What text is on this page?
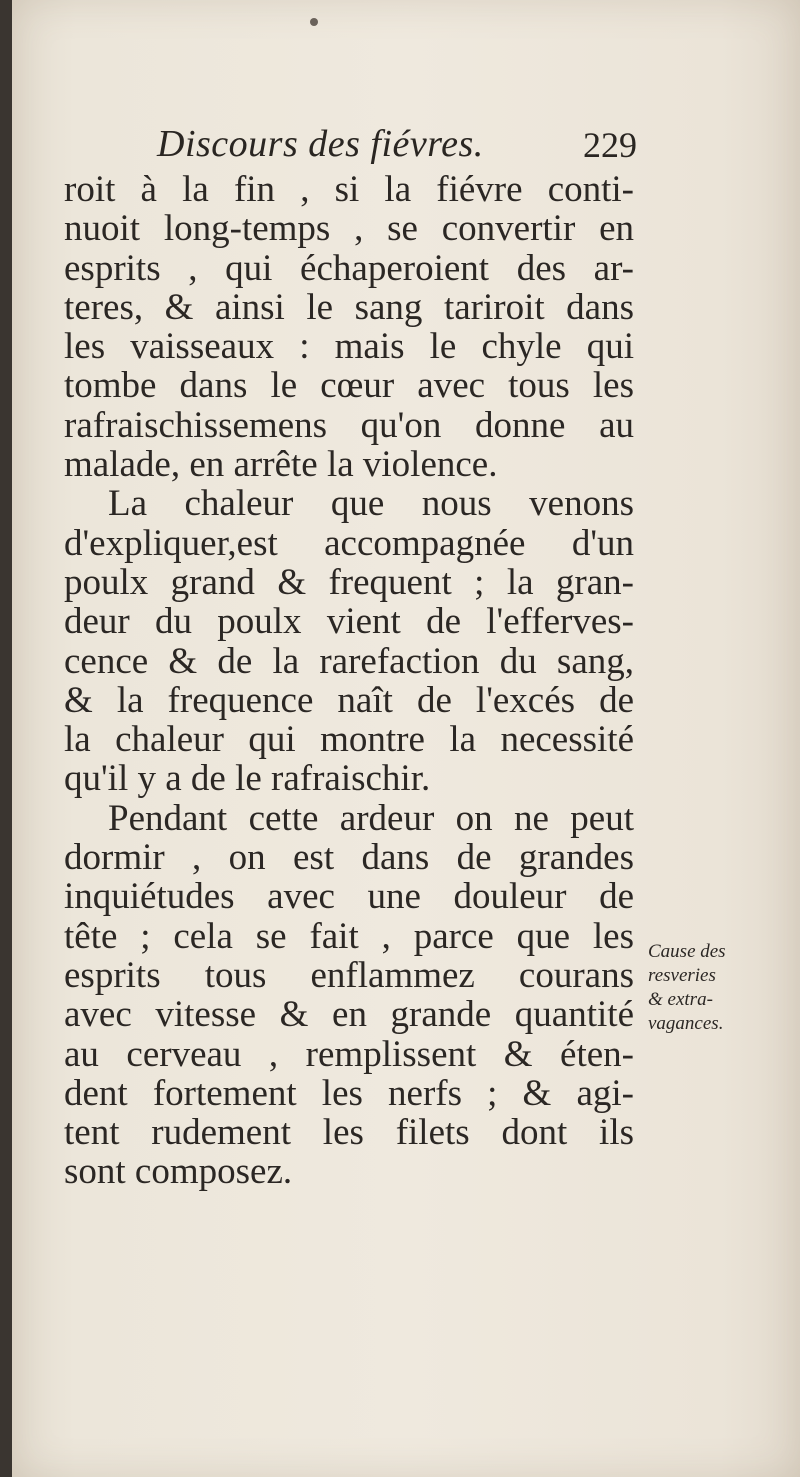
Discours des fiévres.	229
roit à la fin , si la fiévre conti-
nuoit long-temps , se convertir en
esprits , qui échaperoient des ar-
teres, & ainsi le sang tariroit dans
les vaisseaux : mais le chyle qui
tombe dans le cœur avec tous les
rafraischissemens qu'on donne au
malade, en arrête la violence.
La chaleur que nous venons
d'expliquer,est accompagnée d'un
poulx grand & frequent ; la gran-
deur du poulx vient de l'efferves-
cence & de la rarefaction du sang,
& la frequence naît de l'excés de
la chaleur qui montre la necessité
qu'il y a de le rafraischir.
Pendant cette ardeur on ne peut
dormir , on est dans de grandes
inquiétudes avec une douleur de
tête ; cela se fait , parce que les
esprits tous enflammez courans
avec vitesse & en grande quantité
au cerveau , remplissent & éten-
dent fortement les nerfs ; & agi-
tent rudement les filets dont ils
sont composez.
Cause des
resveries
& extra-
vagances.
